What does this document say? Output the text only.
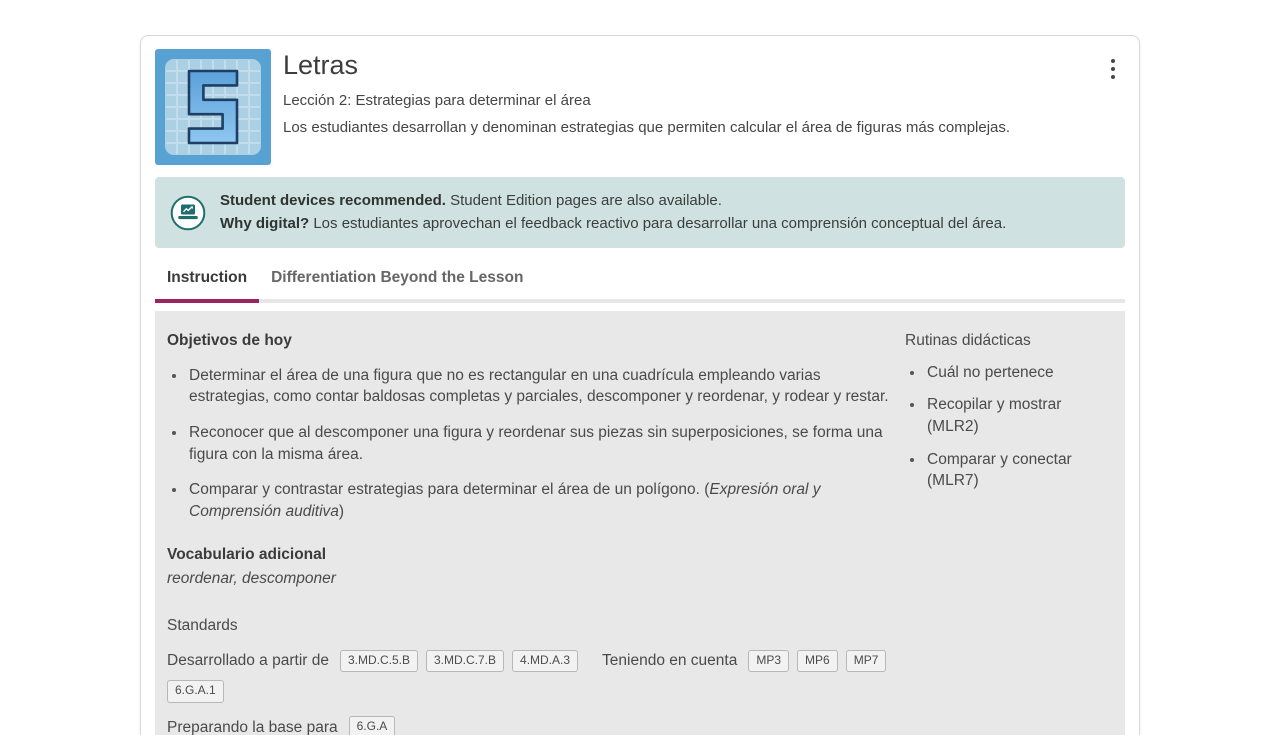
Letras

Lección 2: Estrategias para determinar el área

Los estudiantes desarrollan y denominan estrategias que permiten calcular el área de figuras más complejas.

Student devices recommended. Student Edition pages are also available.
Why digital? Los estudiantes aprovechan el feedback reactivo para desarrollar una comprensión conceptual del área.
Instruction	Differentiation Beyond the Lesson
Objetivos de hoy
• Determinar el área de una figura que no es rectangular en una cuadrícula empleando varias estrategias, como contar baldosas completas y parciales, descomponer y reordenar, y rodear y restar.
• Reconocer que al descomponer una figura y reordenar sus piezas sin superposiciones, se forma una figura con la misma área.
• Comparar y contrastar estrategias para determinar el área de un polígono. (Expresión oral y Comprensión auditiva)
Vocabulario adicional
reordenar, descomponer
Standards
Desarrollado a partir de	3.MD.C.5.B	3.MD.C.7.B	4.MD.A.3	Teniendo en cuenta	MP3	MP6	MP7
6.G.A.1
Preparando la base para	6.G.A
Rutinas didácticas
• Cuál no pertenece
• Recopilar y mostrar (MLR2)
• Comparar y conectar (MLR7)
